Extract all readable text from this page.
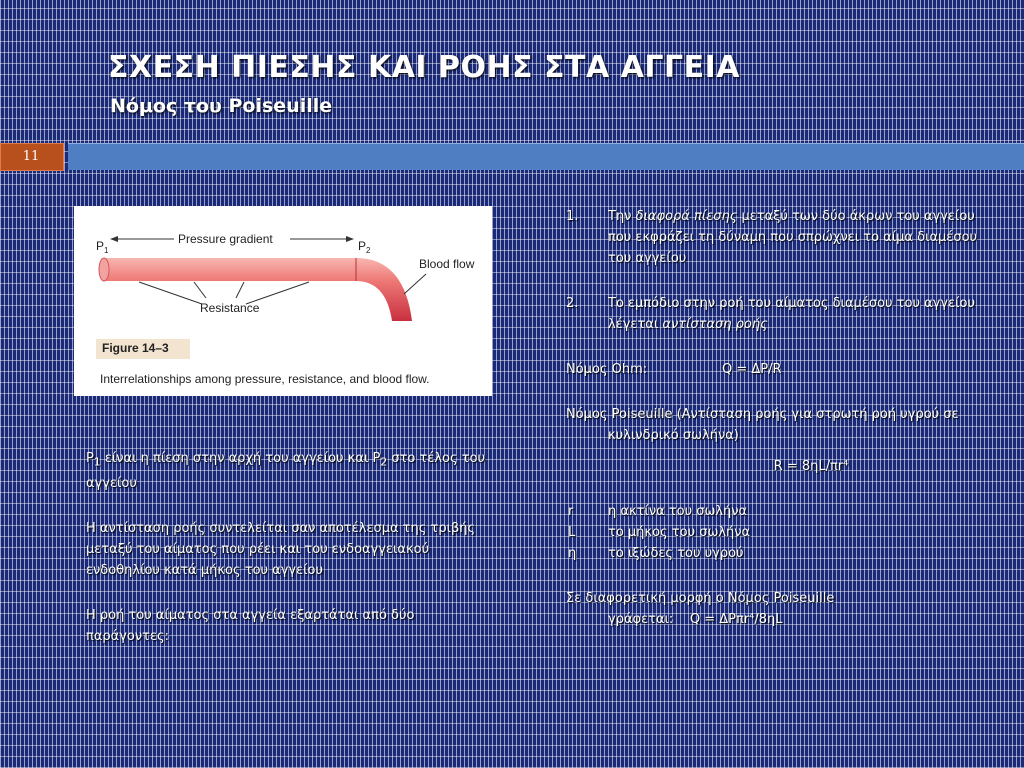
ΣΧΕΣΗ ΠΙΕΣΗΣ ΚΑΙ ΡΟΗΣ ΣΤΑ ΑΓΓΕΙΑ
Νόμος του Poiseuille
11
Pressure gradient
$P_1$	$P_2$
Blood flow
Resistance
Figure 14–3
Interrelationships among pressure, resistance, and blood flow.

$P_1$ είναι η πίεση στην αρχή του αγγείου και $P_2$ στο τέλος του αγγείου

Η αντίσταση ροής συντελείται σαν αποτέλεσμα της τριβής μεταξύ του αίματος που ρέει και του ενδοαγγειακού ενδοθηλίου κατά μήκος του αγγείου

Η ροή του αίματος στα αγγεία εξαρτάται από δύο παράγοντες:

1. Την διαφορά πίεσης μεταξύ των δύο άκρων του αγγείου που εκφράζει τη δύναμη που σπρώχνει το αίμα διαμέσου του αγγείου
2. Το εμπόδιο στην ροή του αίματος διαμέσου του αγγείου λέγεται αντίσταση ροής
Νόμος Ohm:	Q = ΔP/R
Νόμος Poiseuille (Αντίσταση ροής για στρωτή ροή υγρού σε κυλινδρικό σωλήνα)
R = 8ηL/πr⁴
r	η ακτίνα του σωλήνα
L	το μήκος του σωλήνα
η το ιξώδες του υγρού
Σε διαφορετική μορφή ο Νόμος Poiseuille
γράφεται: Q = ΔPπr⁴/8ηL
